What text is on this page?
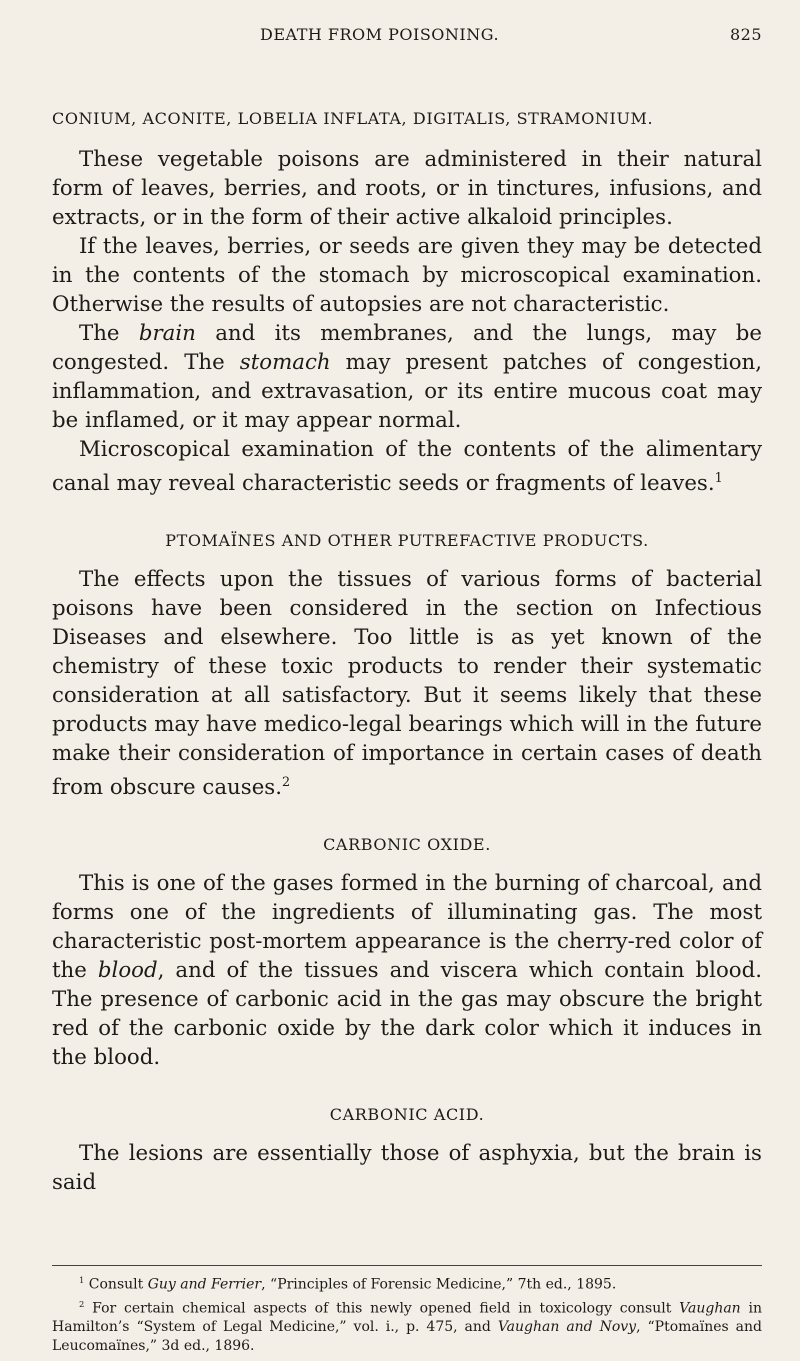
DEATH FROM POISONING.	825
CONIUM, ACONITE, LOBELIA INFLATA, DIGITALIS, STRAMONIUM.

These vegetable poisons are administered in their natural form of leaves, berries, and roots, or in tinctures, infusions, and extracts, or in the form of their active alkaloid principles.

If the leaves, berries, or seeds are given they may be detected in the contents of the stomach by microscopical examination. Otherwise the results of autopsies are not characteristic.

The brain and its membranes, and the lungs, may be congested. The stomach may present patches of congestion, inflammation, and extravasation, or its entire mucous coat may be inflamed, or it may appear normal.

Microscopical examination of the contents of the alimentary canal may reveal characteristic seeds or fragments of leaves.$^1$

PTOMAÏNES AND OTHER PUTREFACTIVE PRODUCTS.

The effects upon the tissues of various forms of bacterial poisons have been considered in the section on Infectious Diseases and elsewhere. Too little is as yet known of the chemistry of these toxic products to render their systematic consideration at all satisfactory. But it seems likely that these products may have medico-legal bearings which will in the future make their consideration of importance in certain cases of death from obscure causes.$^2$

CARBONIC OXIDE.

This is one of the gases formed in the burning of charcoal, and forms one of the ingredients of illuminating gas. The most characteristic post-mortem appearance is the cherry-red color of the blood, and of the tissues and viscera which contain blood. The presence of carbonic acid in the gas may obscure the bright red of the carbonic oxide by the dark color which it induces in the blood.

CARBONIC ACID.

The lesions are essentially those of asphyxia, but the brain is said

$^1$ Consult Guy and Ferrier, “Principles of Forensic Medicine,” 7th ed., 1895.

$^2$ For certain chemical aspects of this newly opened field in toxicology consult Vaughan in Hamilton’s “System of Legal Medicine,” vol. i., p. 475, and Vaughan and Novy, “Ptomaïnes and Leucomaïnes,” 3d ed., 1896.
